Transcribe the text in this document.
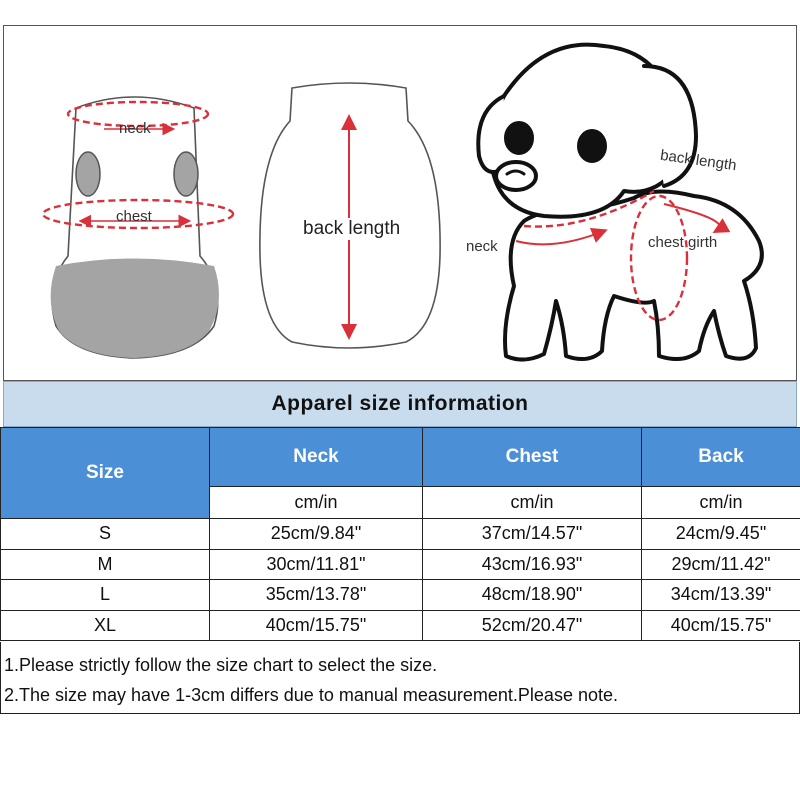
neck
chest
back length
back length
neck	chest girth
Apparel size information
Size	Neck	Chest	Back
	cm/in	cm/in	cm/in
S	25cm/9.84"	37cm/14.57"	24cm/9.45"
M	30cm/11.81"	43cm/16.93"	29cm/11.42"
L	35cm/13.78"	48cm/18.90"	34cm/13.39"
XL	40cm/15.75"	52cm/20.47"	40cm/15.75"
1.Please strictly follow the size chart to select the size.
2.The size may have 1-3cm differs due to manual measurement.Please note.
